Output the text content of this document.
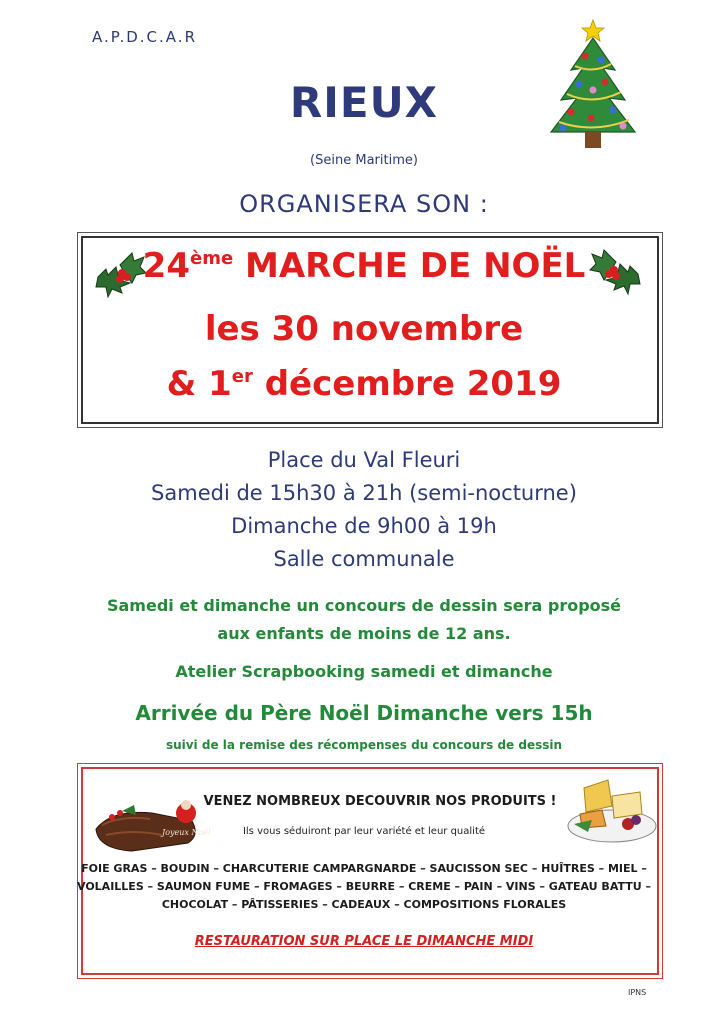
A.P.D.C.A.R
RIEUX
(Seine Maritime)
ORGANISERA SON :
24ème MARCHE DE NOËL
les 30 novembre
& 1er décembre 2019
Place du Val Fleuri
Samedi de 15h30 à 21h (semi-nocturne)
Dimanche de 9h00 à 19h
Salle communale
Samedi et dimanche un concours de dessin sera proposé
aux enfants de moins de 12 ans.
Atelier Scrapbooking samedi et dimanche
Arrivée du Père Noël Dimanche vers 15h
suivi de la remise des récompenses du concours de dessin
Joyeux Noël
VENEZ NOMBREUX DECOUVRIR NOS PRODUITS !
Ils vous séduiront par leur variété et leur qualité
FOIE GRAS – BOUDIN – CHARCUTERIE CAMPARGNARDE – SAUCISSON SEC – HUÎTRES – MIEL –
VOLAILLES – SAUMON FUME – FROMAGES – BEURRE – CREME – PAIN – VINS – GATEAU BATTU –
CHOCOLAT – PÂTISSERIES – CADEAUX – COMPOSITIONS FLORALES
RESTAURATION SUR PLACE LE DIMANCHE MIDI
IPNS
